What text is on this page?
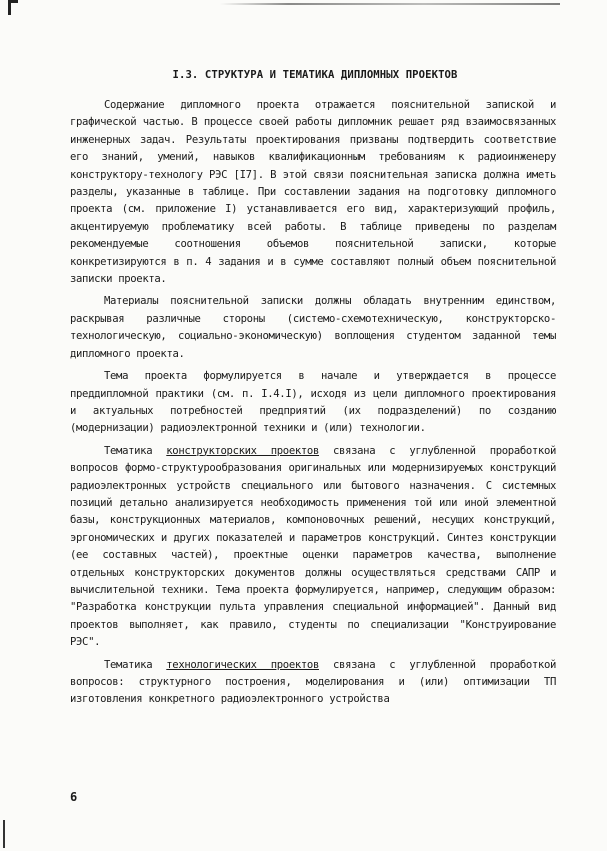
I.3. СТРУКТУРА И ТЕМАТИКА ДИПЛОМНЫХ ПРОЕКТОВ

Содержание дипломного проекта отражается пояснительной запиской и графической частью. В процессе своей работы дипломник решает ряд взаимосвязанных инженерных задач. Результаты проектирования призваны подтвердить соответствие его знаний, умений, навыков квалификационным требованиям к радиоинженеру конструктору-технологу РЭС [I7]. В этой связи пояснительная записка должна иметь разделы, указанные в таблице. При составлении задания на подготовку дипломного проекта (см. приложение I) устанавливается его вид, характеризующий профиль, акцентируемую проблематику всей работы. В таблице приведены по разделам рекомендуемые соотношения объемов пояснительной записки, которые конкретизируются в п. 4 задания и в сумме составляют полный объем пояснительной записки проекта.

Материалы пояснительной записки должны обладать внутренним единством, раскрывая различные стороны (системо-схемотехническую, конструкторско-технологическую, социально-экономическую) воплощения студентом заданной темы дипломного проекта.

Тема проекта формулируется в начале и утверждается в процессе преддипломной практики (см. п. I.4.I), исходя из цели дипломного проектирования и актуальных потребностей предприятий (их подразделений) по созданию (модернизации) радиоэлектронной техники и (или) технологии.

Тематика конструкторских проектов связана с углубленной проработкой вопросов формо-структурообразования оригинальных или модернизируемых конструкций радиоэлектронных устройств специального или бытового назначения. С системных позиций детально анализируется необходимость применения той или иной элементной базы, конструкционных материалов, компоновочных решений, несущих конструкций, эргономических и других показателей и параметров конструкций. Синтез конструкции (ее составных частей), проектные оценки параметров качества, выполнение отдельных конструкторских документов должны осуществляться средствами САПР и вычислительной техники. Тема проекта формулируется, например, следующим образом: "Разработка конструкции пульта управления специальной информацией". Данный вид проектов выполняет, как правило, студенты по специализации "Конструирование РЭС".

Тематика технологических проектов связана с углубленной проработкой вопросов: структурного построения, моделирования и (или) оптимизации ТП изготовления конкретного радиоэлектронного устройства

6
